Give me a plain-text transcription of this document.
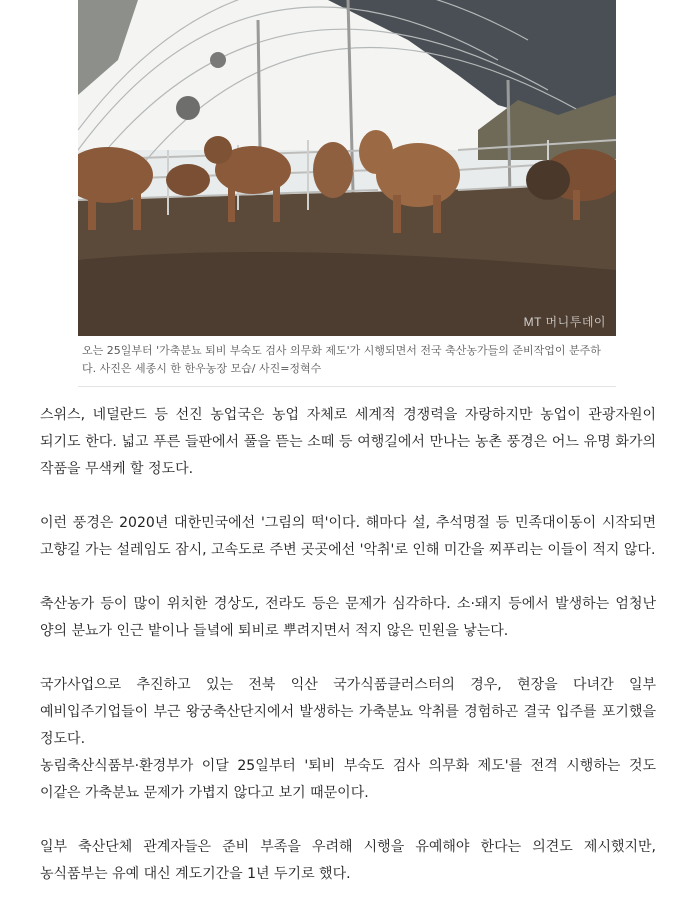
MT 머니투데이
오는 25일부터 '가축분뇨 퇴비 부숙도 검사 의무화 제도'가 시행되면서 전국 축산농가들의 준비작업이 분주하다. 사진은 세종시 한 한우농장 모습/ 사진=정혁수

스위스, 네덜란드 등 선진 농업국은 농업 자체로 세계적 경쟁력을 자랑하지만 농업이 관광자원이 되기도 한다. 넓고 푸른 들판에서 풀을 뜯는 소떼 등 여행길에서 만나는 농촌 풍경은 어느 유명 화가의 작품을 무색케 할 정도다.

이런 풍경은 2020년 대한민국에선 '그림의 떡'이다. 해마다 설, 추석명절 등 민족대이동이 시작되면 고향길 가는 설레임도 잠시, 고속도로 주변 곳곳에선 '악취'로 인해 미간을 찌푸리는 이들이 적지 않다.

축산농가 등이 많이 위치한 경상도, 전라도 등은 문제가 심각하다. 소·돼지 등에서 발생하는 엄청난 양의 분뇨가 인근 밭이나 들녘에 퇴비로 뿌려지면서 적지 않은 민원을 낳는다.

국가사업으로 추진하고 있는 전북 익산 국가식품클러스터의 경우, 현장을 다녀간 일부 예비입주기업들이 부근 왕궁축산단지에서 발생하는 가축분뇨 악취를 경험하곤 결국 입주를 포기했을 정도다.

농림축산식품부·환경부가 이달 25일부터 '퇴비 부숙도 검사 의무화 제도'를 전격 시행하는 것도 이같은 가축분뇨 문제가 가볍지 않다고 보기 때문이다.

일부 축산단체 관계자들은 준비 부족을 우려해 시행을 유예해야 한다는 의견도 제시했지만, 농식품부는 유예 대신 계도기간을 1년 두기로 했다.
